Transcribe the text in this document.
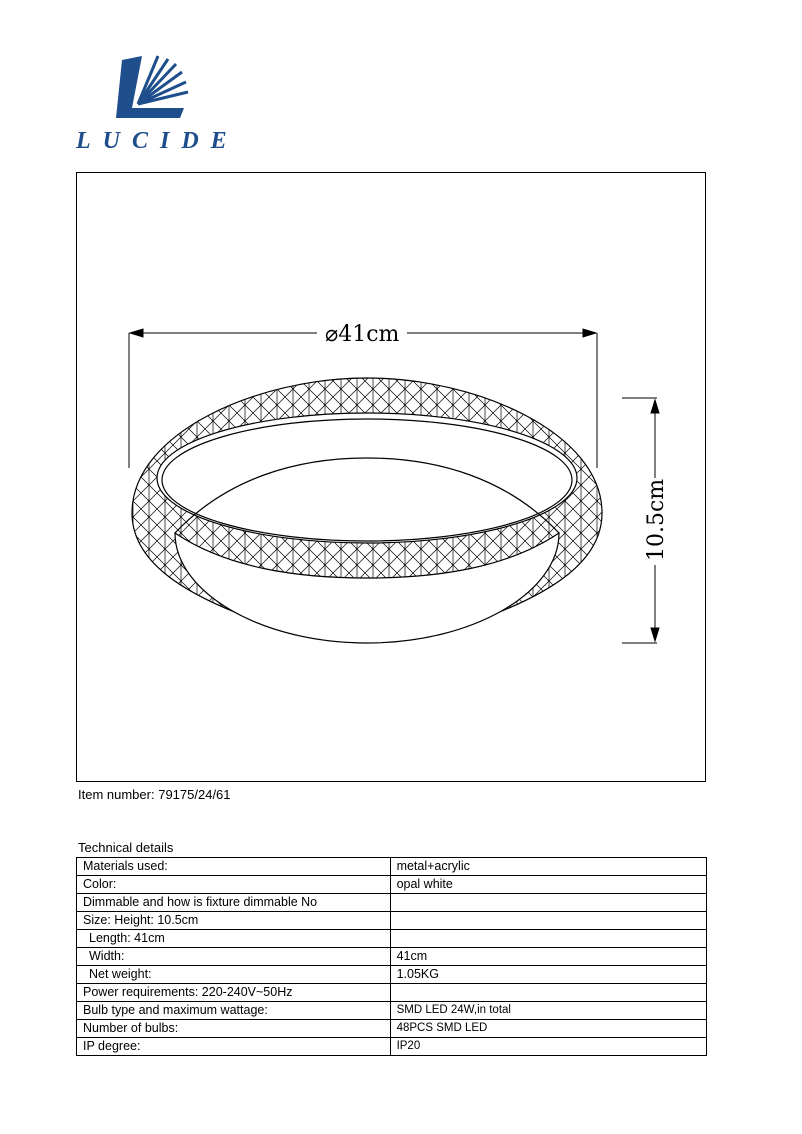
LUCIDE
⌀41cm
10.5cm
Item number: 79175/24/61
Technical details
Materials used:	metal+acrylic
Color:	opal white
Dimmable and how is fixture dimmable No	
Size: Height: 10.5cm	
Length: 41cm	
Width:	41cm
Net weight:	1.05KG
Power requirements: 220-240V~50Hz	
Bulb type and maximum wattage:	SMD LED 24W,in total
Number of bulbs:	48PCS SMD LED
IP degree:	IP20
